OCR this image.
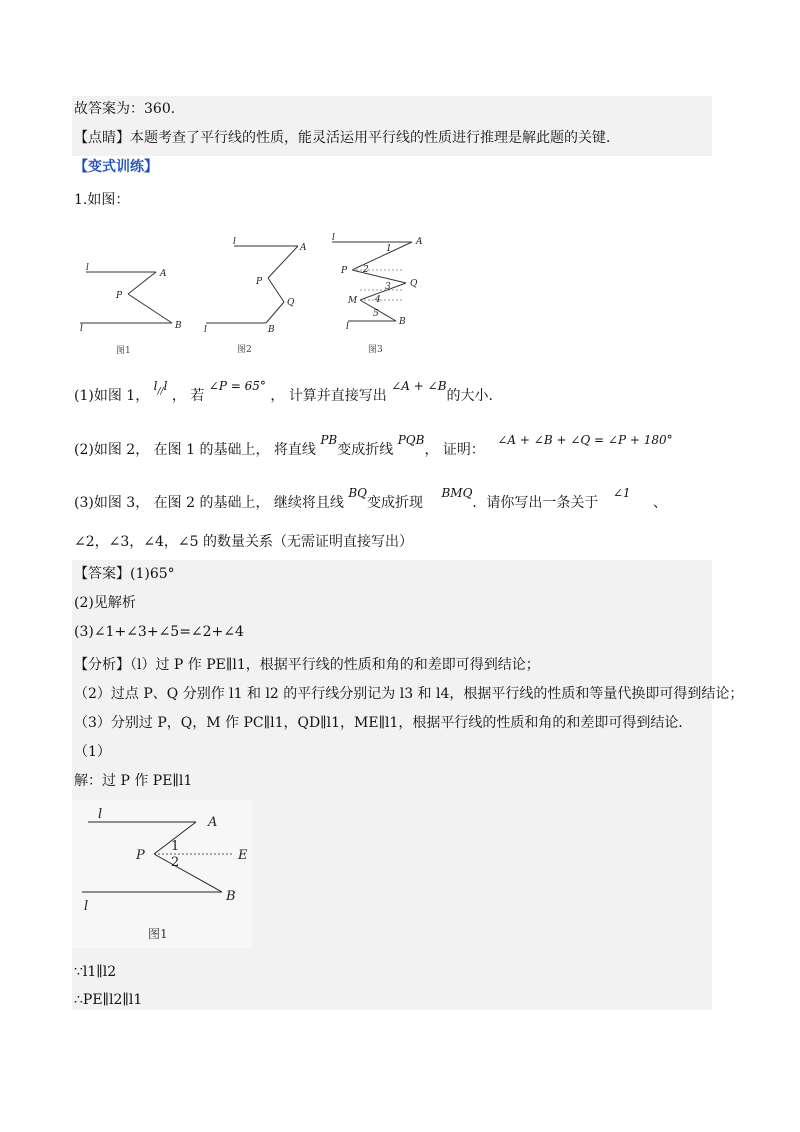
故答案为：360．
【点睛】本题考查了平行线的性质，能灵活运用平行线的性质进行推理是解此题的关键．
【变式训练】
1.如图：
l
A
P
l	B
图1
l
A
P
Q
l	B
图2
l	A
1
P 2
Q
3
M 4
5
l	B
图3
(1)如图 1， l//l ， 若 ∠P = 65° ， 计算并直接写出 ∠A + ∠B的大小．
(2)如图 2， 在图 1 的基础上， 将直线 PB变成折线 PQB， 证明： ∠A + ∠B + ∠Q = ∠P + 180°
(3)如图 3， 在图 2 的基础上， 继续将且线 BQ变成折现 BMQ．请你写出一条关于 ∠1 、
∠2，∠3，∠4，∠5 的数量关系（无需证明直接写出）
【答案】(1)65°
(2)见解析
(3)∠1+∠3+∠5=∠2+∠4
【分析】（l）过 P 作 PE∥l1，根据平行线的性质和角的和差即可得到结论；
（2）过点 P、Q 分别作 l1 和 l2 的平行线分别记为 l3 和 l4，根据平行线的性质和等量代换即可得到结论；
（3）分别过 P，Q，M 作 PC∥l1，QD∥l1，ME∥l1，根据平行线的性质和角的和差即可得到结论．
（1）
解：过 P 作 PE∥l1
l
A
P
1
2	E
B
l
图1
∵l1∥l2
∴PE∥l2∥l1
